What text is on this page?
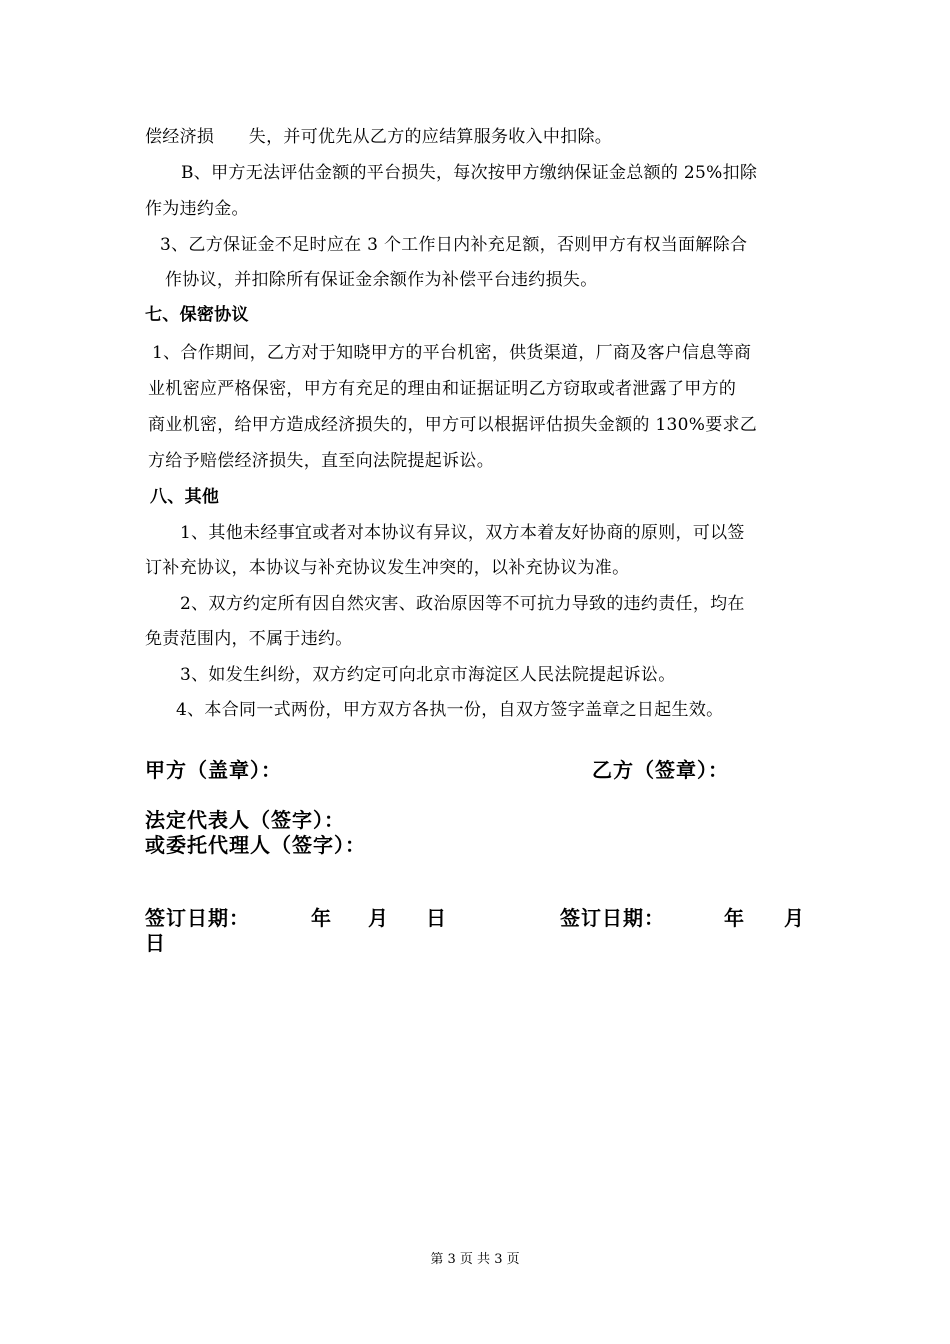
偿经济损　　失，并可优先从乙方的应结算服务收入中扣除。
B、甲方无法评估金额的平台损失，每次按甲方缴纳保证金总额的 25%扣除
作为违约金。
3、乙方保证金不足时应在 3 个工作日内补充足额，否则甲方有权当面解除合
作协议，并扣除所有保证金余额作为补偿平台违约损失。
七、保密协议
1、合作期间，乙方对于知晓甲方的平台机密，供货渠道，厂商及客户信息等商
业机密应严格保密，甲方有充足的理由和证据证明乙方窃取或者泄露了甲方的
商业机密，给甲方造成经济损失的，甲方可以根据评估损失金额的 130%要求乙
方给予赔偿经济损失，直至向法院提起诉讼。
八、其他
1、其他未经事宜或者对本协议有异议，双方本着友好协商的原则，可以签
订补充协议，本协议与补充协议发生冲突的，以补充协议为准。
2、双方约定所有因自然灾害、政治原因等不可抗力导致的违约责任，均在
免责范围内，不属于违约。
3、如发生纠纷，双方约定可向北京市海淀区人民法院提起诉讼。
4、本合同一式两份，甲方双方各执一份，自双方签字盖章之日起生效。
甲方（盖章）：	乙方（签章）：
法定代表人（签字）：
或委托代理人（签字）：
签订日期：	年 月 日	签订日期：	年 月
日
第 3 页 共 3 页
